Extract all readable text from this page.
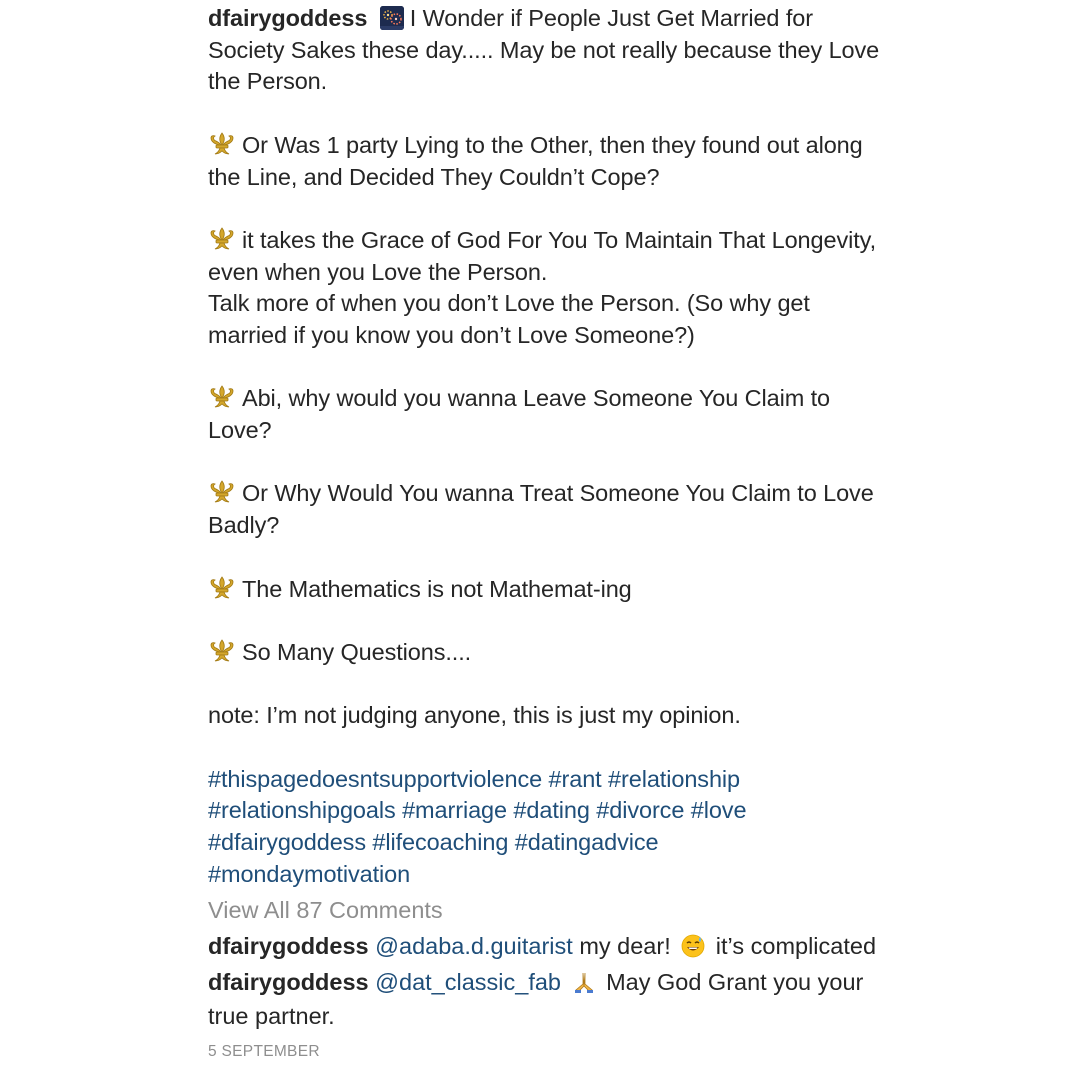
dfairygoddess I Wonder if People Just Get Married for Society Sakes these day..... May be not really because they Love the Person.

Or Was 1 party Lying to the Other, then they found out along the Line, and Decided They Couldn’t Cope?

it takes the Grace of God For You To Maintain That Longevity, even when you Love the Person.
Talk more of when you don’t Love the Person. (So why get married if you know you don’t Love Someone?)

Abi, why would you wanna Leave Someone You Claim to Love?

Or Why Would You wanna Treat Someone You Claim to Love Badly?

The Mathematics is not Mathemat-ing

So Many Questions....

note: I’m not judging anyone, this is just my opinion.

#thispagedoesntsupportviolence #rant #relationship
#relationshipgoals #marriage #dating #divorce #love
#dfairygoddess #lifecoaching #datingadvice
#mondaymotivation

View All 87 Comments
dfairygoddess @adaba.d.guitarist my dear! it’s complicated
dfairygoddess @dat_classic_fab May God Grant you your true partner.
5 SEPTEMBER
